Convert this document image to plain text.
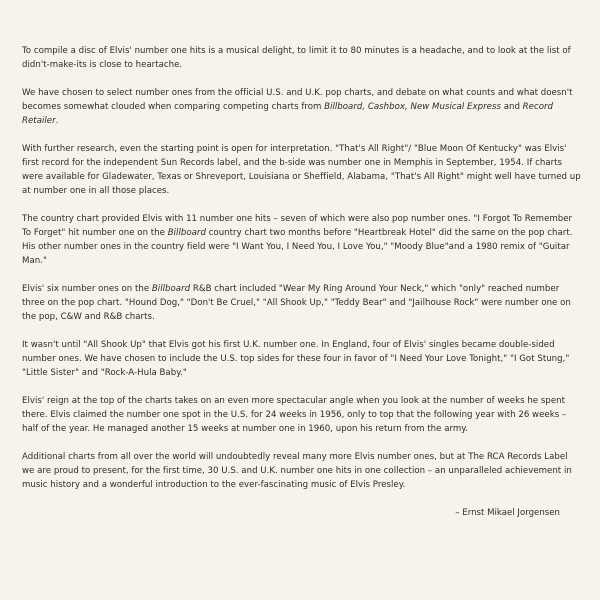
To compile a disc of Elvis' number one hits is a musical delight, to limit it to 80 minutes is a headache, and to look at the list of didn't-make-its is close to heartache.

We have chosen to select number ones from the official U.S. and U.K. pop charts, and debate on what counts and what doesn't becomes somewhat clouded when comparing competing charts from Billboard, Cashbox, New Musical Express and Record Retailer.

With further research, even the starting point is open for interpretation. "That's All Right"/ "Blue Moon Of Kentucky" was Elvis' first record for the independent Sun Records label, and the b-side was number one in Memphis in September, 1954. If charts were available for Gladewater, Texas or Shreveport, Louisiana or Sheffield, Alabama, "That's All Right" might well have turned up at number one in all those places.

The country chart provided Elvis with 11 number one hits – seven of which were also pop number ones. "I Forgot To Remember To Forget" hit number one on the Billboard country chart two months before "Heartbreak Hotel" did the same on the pop chart. His other number ones in the country field were "I Want You, I Need You, I Love You," "Moody Blue"and a 1980 remix of "Guitar Man."

Elvis' six number ones on the Billboard R&B chart included "Wear My Ring Around Your Neck," which "only" reached number three on the pop chart. "Hound Dog," "Don't Be Cruel," "All Shook Up," "Teddy Bear" and "Jailhouse Rock" were number one on the pop, C&W and R&B charts.

It wasn't until "All Shook Up" that Elvis got his first U.K. number one. In England, four of Elvis' singles became double-sided number ones. We have chosen to include the U.S. top sides for these four in favor of "I Need Your Love Tonight," "I Got Stung," "Little Sister" and "Rock-A-Hula Baby."

Elvis' reign at the top of the charts takes on an even more spectacular angle when you look at the number of weeks he spent there. Elvis claimed the number one spot in the U.S. for 24 weeks in 1956, only to top that the following year with 26 weeks – half of the year. He managed another 15 weeks at number one in 1960, upon his return from the army.

Additional charts from all over the world will undoubtedly reveal many more Elvis number ones, but at The RCA Records Label we are proud to present, for the first time, 30 U.S. and U.K. number one hits in one collection – an unparalleled achievement in music history and a wonderful introduction to the ever-fascinating music of Elvis Presley.

– Ernst Mikael Jorgensen
